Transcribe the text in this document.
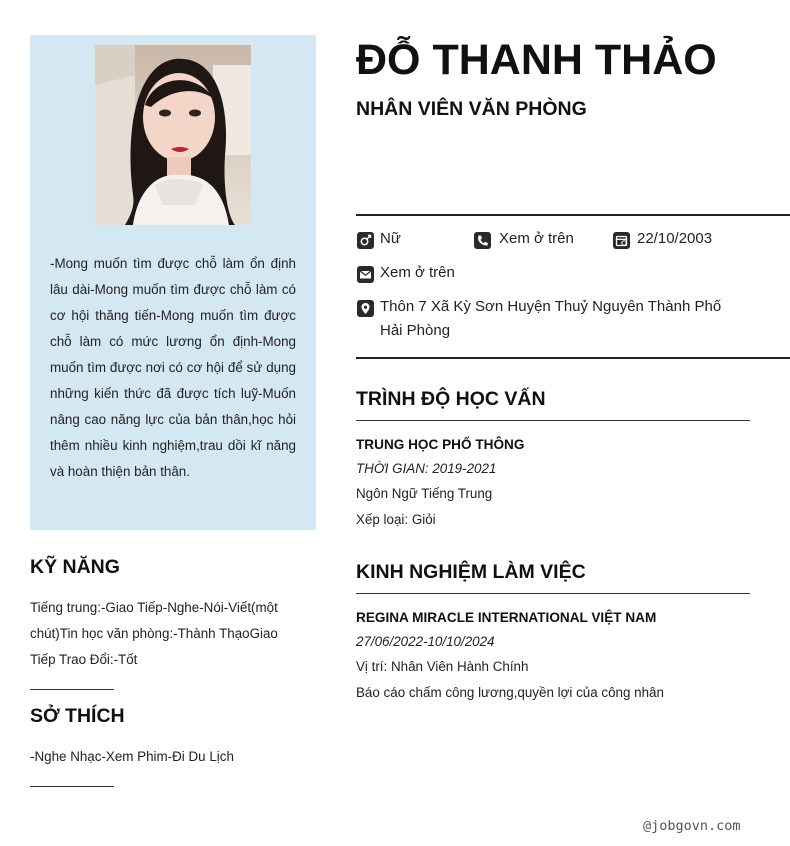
-Mong muốn tìm được chỗ làm ổn định lâu dài-Mong muốn tìm được chỗ làm có cơ hội thăng tiến-Mong muốn tìm được chỗ làm có mức lương ổn định-Mong muốn tìm được nơi có cơ hội để sử dụng những kiến thức đã được tích luỹ-Muốn nâng cao năng lực của bản thân,học hỏi thêm nhiều kinh nghiệm,trau dồi kĩ năng và hoàn thiện bản thân.
KỸ NĂNG
Tiếng trung:-Giao Tiếp-Nghe-Nói-Viết(một chút)Tin học văn phòng:-Thành ThạoGiao Tiếp Trao Đổi:-Tốt
SỞ THÍCH
-Nghe Nhạc-Xem Phim-Đi Du Lịch
ĐỖ THANH THẢO
NHÂN VIÊN VĂN PHÒNG
Nữ	Xem ở trên	22/10/2003
Xem ở trên
Thôn 7 Xã Kỳ Sơn Huyện Thuỷ Nguyên Thành Phố Hải Phòng
TRÌNH ĐỘ HỌC VẤN
TRUNG HỌC PHỔ THÔNG
THỜI GIAN: 2019-2021
Ngôn Ngữ Tiếng Trung
Xếp loại: Giỏi
KINH NGHIỆM LÀM VIỆC
REGINA MIRACLE INTERNATIONAL VIỆT NAM
27/06/2022-10/10/2024
Vị trí: Nhân Viên Hành Chính
Báo cáo chấm công lương,quyền lợi của công nhân
@jobgovn.com
